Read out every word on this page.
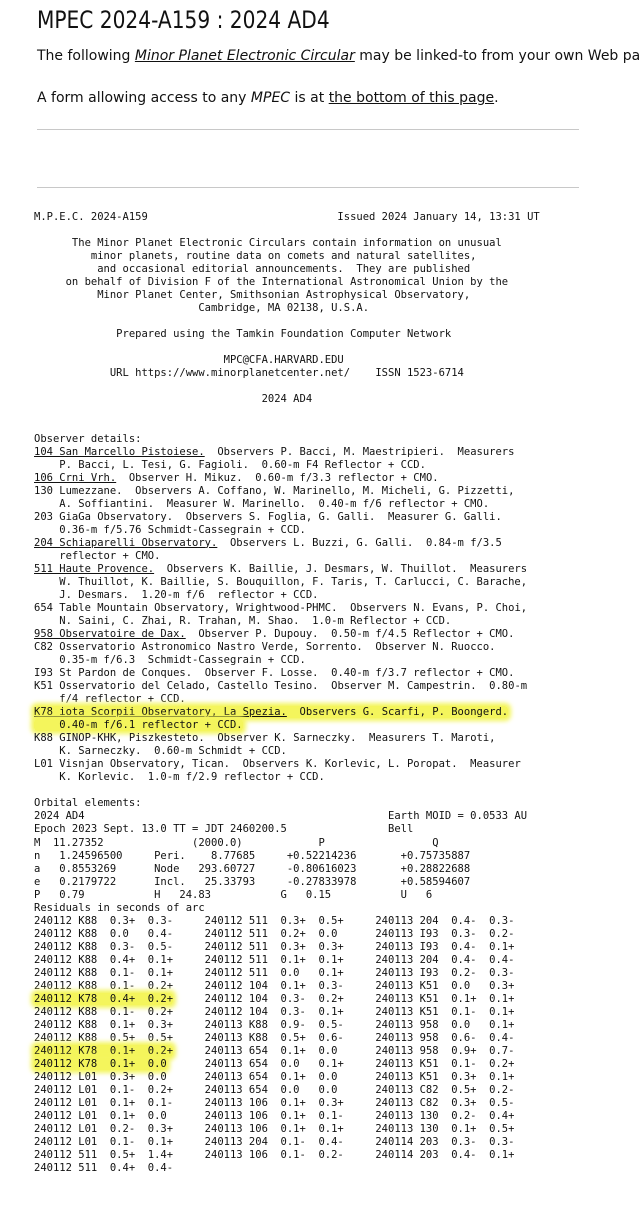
MPEC 2024-A159 : 2024 AD4

The following Minor Planet Electronic Circular may be linked-to from your own Web pa

A form allowing access to any MPEC is at the bottom of this page.

M.P.E.C. 2024-A159                              Issued 2024 January 14, 13:31 UT
The Minor Planet Electronic Circulars contain information on unusual
minor planets, routine data on comets and natural satellites,
and occasional editorial announcements.  They are published
on behalf of Division F of the International Astronomical Union by the
Minor Planet Center, Smithsonian Astrophysical Observatory,
Cambridge, MA 02138, U.S.A.
Prepared using the Tamkin Foundation Computer Network
MPC@CFA.HARVARD.EDU
URL https://www.minorplanetcenter.net/    ISSN 1523-6714
2024 AD4
Observer details:
104 San Marcello Pistoiese.  Observers P. Bacci, M. Maestripieri.  Measurers
P. Bacci, L. Tesi, G. Fagioli.  0.60-m F4 Reflector + CCD.
106 Crni Vrh.  Observer H. Mikuz.  0.60-m f/3.3 reflector + CMO.
130 Lumezzane.  Observers A. Coffano, W. Marinello, M. Micheli, G. Pizzetti,
A. Soffiantini.  Measurer W. Marinello.  0.40-m f/6 reflector + CMO.
203 GiaGa Observatory.  Observers S. Foglia, G. Galli.  Measurer G. Galli.
0.36-m f/5.76 Schmidt-Cassegrain + CCD.
204 Schiaparelli Observatory.  Observers L. Buzzi, G. Galli.  0.84-m f/3.5
reflector + CMO.
511 Haute Provence.  Observers K. Baillie, J. Desmars, W. Thuillot.  Measurers
W. Thuillot, K. Baillie, S. Bouquillon, F. Taris, T. Carlucci, C. Barache,
J. Desmars.  1.20-m f/6  reflector + CCD.
654 Table Mountain Observatory, Wrightwood-PHMC.  Observers N. Evans, P. Choi,
N. Saini, C. Zhai, R. Trahan, M. Shao.  1.0-m Reflector + CCD.
958 Observatoire de Dax.  Observer P. Dupouy.  0.50-m f/4.5 Reflector + CMO.
C82 Osservatorio Astronomico Nastro Verde, Sorrento.  Observer N. Ruocco.
0.35-m f/6.3  Schmidt-Cassegrain + CCD.
I93 St Pardon de Conques.  Observer F. Losse.  0.40-m f/3.7 reflector + CMO.
K51 Osservatorio del Celado, Castello Tesino.  Observer M. Campestrin.  0.80-m
f/4 reflector + CCD.
K78 iota Scorpii Observatory, La Spezia.  Observers G. Scarfi, P. Boongerd.
0.40-m f/6.1 reflector + CCD.
K88 GINOP-KHK, Piszkesteto.  Observer K. Sarneczky.  Measurers T. Maroti,
K. Sarneczky.  0.60-m Schmidt + CCD.
L01 Visnjan Observatory, Tican.  Observers K. Korlevic, L. Poropat.  Measurer
K. Korlevic.  1.0-m f/2.9 reflector + CCD.
Orbital elements:
2024 AD4                                                Earth MOID = 0.0533 AU
Epoch 2023 Sept. 13.0 TT = JDT 2460200.5                Bell
M  11.27352              (2000.0)            P                 Q
n   1.24596500     Peri.    8.77685     +0.52214236       +0.75735887
a   0.8553269      Node   293.60727     -0.80616023       +0.28822688
e   0.2179722      Incl.   25.33793     -0.27833978       +0.58594607
P   0.79           H   24.83           G   0.15           U   6
Residuals in seconds of arc
240112 K88  0.3+  0.3-     240112 511  0.3+  0.5+     240113 204  0.4-  0.3-
240112 K88  0.0   0.4-     240112 511  0.2+  0.0      240113 I93  0.3-  0.2-
240112 K88  0.3-  0.5-     240112 511  0.3+  0.3+     240113 I93  0.4-  0.1+
240112 K88  0.4+  0.1+     240112 511  0.1+  0.1+     240113 204  0.4-  0.4-
240112 K88  0.1-  0.1+     240112 511  0.0   0.1+     240113 I93  0.2-  0.3-
240112 K88  0.1-  0.2+     240112 104  0.1+  0.3-     240113 K51  0.0   0.3+
240112 K78  0.4+  0.2+     240112 104  0.3-  0.2+     240113 K51  0.1+  0.1+
240112 K88  0.1-  0.2+     240112 104  0.3-  0.1+     240113 K51  0.1-  0.1+
240112 K88  0.1+  0.3+     240113 K88  0.9-  0.5-     240113 958  0.0   0.1+
240112 K88  0.5+  0.5+     240113 K88  0.5+  0.6-     240113 958  0.6-  0.4-
240112 K78  0.1+  0.2+     240113 654  0.1+  0.0      240113 958  0.9+  0.7-
240112 K78  0.1+  0.0      240113 654  0.0   0.1+     240113 K51  0.1-  0.2+
240112 L01  0.3+  0.0      240113 654  0.1+  0.0      240113 K51  0.3+  0.1+
240112 L01  0.1-  0.2+     240113 654  0.0   0.0      240113 C82  0.5+  0.2-
240112 L01  0.1+  0.1-     240113 106  0.1+  0.3+     240113 C82  0.3+  0.5-
240112 L01  0.1+  0.0      240113 106  0.1+  0.1-     240113 130  0.2-  0.4+
240112 L01  0.2-  0.3+     240113 106  0.1+  0.1+     240113 130  0.1+  0.5+
240112 L01  0.1-  0.1+     240113 204  0.1-  0.4-     240114 203  0.3-  0.3-
240112 511  0.5+  1.4+     240113 106  0.1-  0.2-     240114 203  0.4-  0.1+
240112 511  0.4+  0.4-
